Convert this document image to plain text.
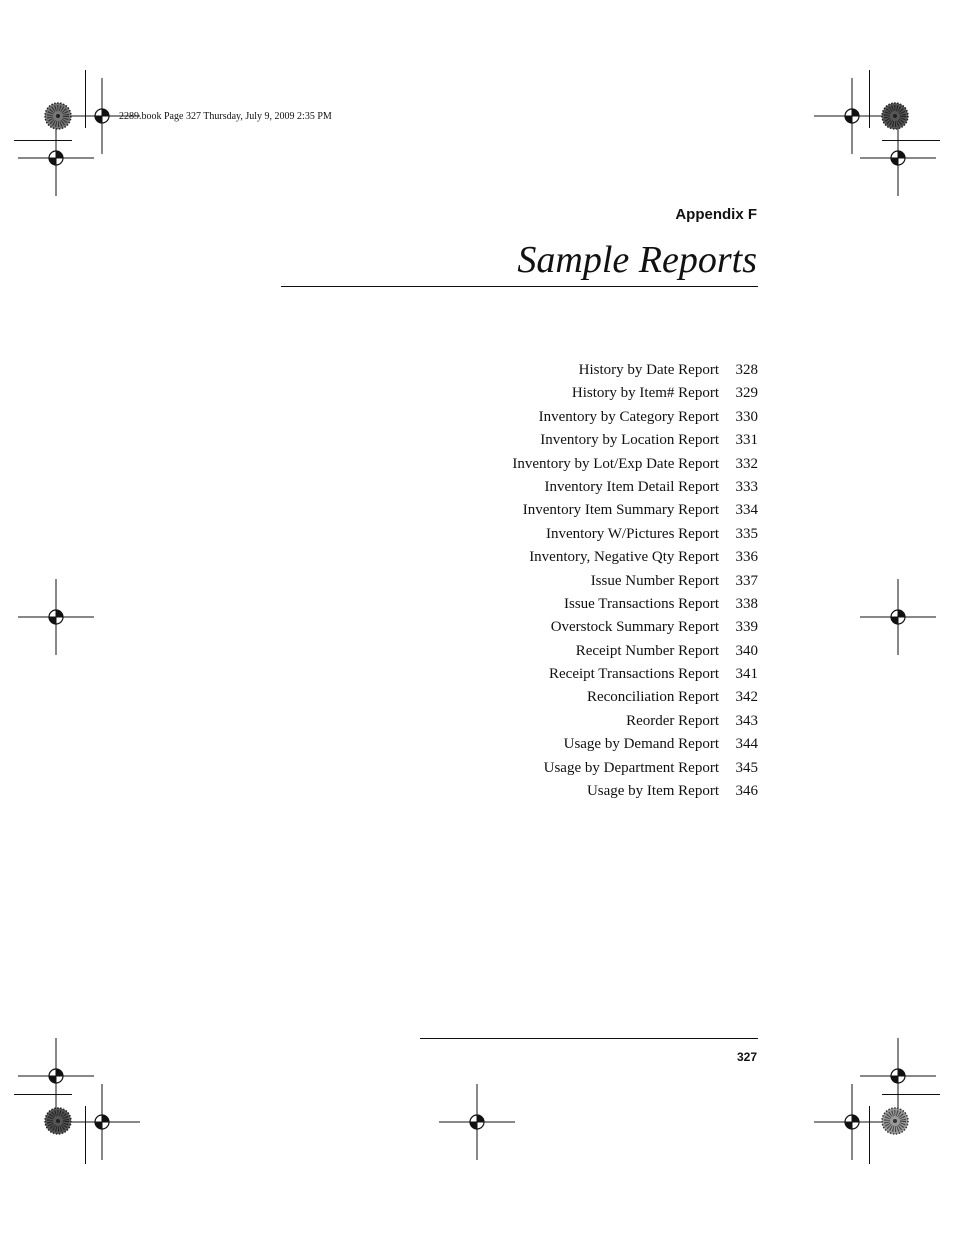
2289.book Page 327 Thursday, July 9, 2009 2:35 PM
Appendix F
Sample Reports
History by Date Report	328
History by Item# Report	329
Inventory by Category Report	330
Inventory by Location Report	331
Inventory by Lot/Exp Date Report	332
Inventory Item Detail Report	333
Inventory Item Summary Report	334
Inventory W/Pictures Report	335
Inventory, Negative Qty Report	336
Issue Number Report	337
Issue Transactions Report	338
Overstock Summary Report	339
Receipt Number Report	340
Receipt Transactions Report	341
Reconciliation Report	342
Reorder Report	343
Usage by Demand Report	344
Usage by Department Report	345
Usage by Item Report	346
327
